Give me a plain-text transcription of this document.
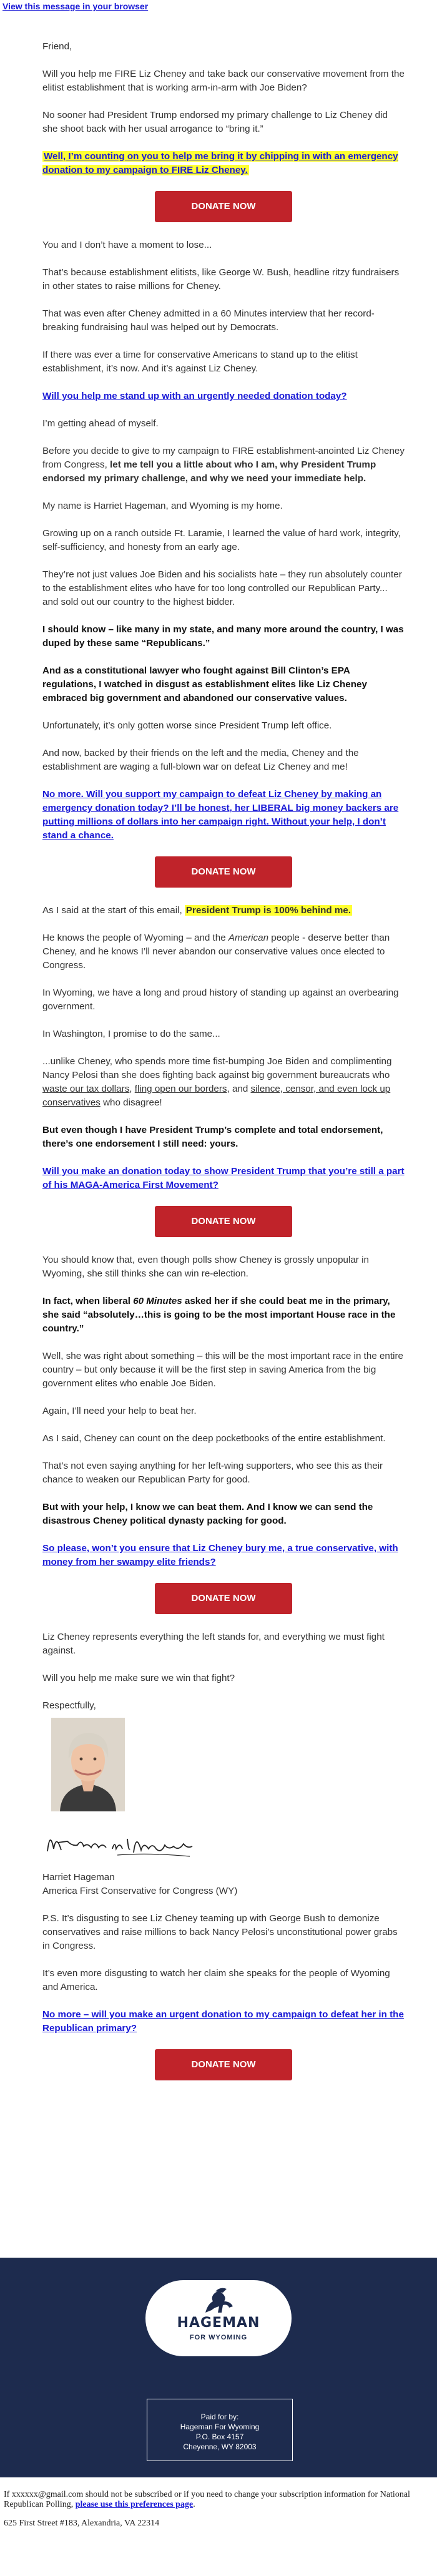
View this message in your browser

Friend,

Will you help me FIRE Liz Cheney and take back our conservative movement from the elitist establishment that is working arm-in-arm with Joe Biden?

No sooner had President Trump endorsed my primary challenge to Liz Cheney did she shoot back with her usual arrogance to “bring it.”

Well, I’m counting on you to help me bring it by chipping in with an emergency donation to my campaign to FIRE Liz Cheney.

DONATE NOW

You and I don’t have a moment to lose...

That’s because establishment elitists, like George W. Bush, headline ritzy fundraisers in other states to raise millions for Cheney.

That was even after Cheney admitted in a 60 Minutes interview that her record-breaking fundraising haul was helped out by Democrats.

If there was ever a time for conservative Americans to stand up to the elitist establishment, it’s now. And it’s against Liz Cheney.

Will you help me stand up with an urgently needed donation today?

I’m getting ahead of myself.

Before you decide to give to my campaign to FIRE establishment-anointed Liz Cheney from Congress, let me tell you a little about who I am, why President Trump endorsed my primary challenge, and why we need your immediate help.

My name is Harriet Hageman, and Wyoming is my home.

Growing up on a ranch outside Ft. Laramie, I learned the value of hard work, integrity, self-sufficiency, and honesty from an early age.

They’re not just values Joe Biden and his socialists hate – they run absolutely counter to the establishment elites who have for too long controlled our Republican Party... and sold out our country to the highest bidder.

I should know – like many in my state, and many more around the country, I was duped by these same “Republicans.”

And as a constitutional lawyer who fought against Bill Clinton’s EPA regulations, I watched in disgust as establishment elites like Liz Cheney embraced big government and abandoned our conservative values.

Unfortunately, it’s only gotten worse since President Trump left office.

And now, backed by their friends on the left and the media, Cheney and the establishment are waging a full-blown war on defeat Liz Cheney and me!

No more. Will you support my campaign to defeat Liz Cheney by making an emergency donation today? I’ll be honest, her LIBERAL big money backers are putting millions of dollars into her campaign right. Without your help, I don’t stand a chance.

DONATE NOW

As I said at the start of this email, President Trump is 100% behind me.

He knows the people of Wyoming – and the American people - deserve better than Cheney, and he knows I’ll never abandon our conservative values once elected to Congress.

In Wyoming, we have a long and proud history of standing up against an overbearing government.

In Washington, I promise to do the same...

...unlike Cheney, who spends more time fist-bumping Joe Biden and complimenting Nancy Pelosi than she does fighting back against big government bureaucrats who waste our tax dollars, fling open our borders, and silence, censor, and even lock up conservatives who disagree!

But even though I have President Trump’s complete and total endorsement, there’s one endorsement I still need: yours.

Will you make an donation today to show President Trump that you’re still a part of his MAGA-America First Movement?

DONATE NOW

You should know that, even though polls show Cheney is grossly unpopular in Wyoming, she still thinks she can win re-election.

In fact, when liberal 60 Minutes asked her if she could beat me in the primary, she said “absolutely…this is going to be the most important House race in the country.”

Well, she was right about something – this will be the most important race in the entire country – but only because it will be the first step in saving America from the big government elites who enable Joe Biden.

Again, I’ll need your help to beat her.

As I said, Cheney can count on the deep pocketbooks of the entire establishment.

That’s not even saying anything for her left-wing supporters, who see this as their chance to weaken our Republican Party for good.

But with your help, I know we can beat them. And I know we can send the disastrous Cheney political dynasty packing for good.

So please, won’t you ensure that Liz Cheney bury me, a true conservative, with money from her swampy elite friends?

DONATE NOW

Liz Cheney represents everything the left stands for, and everything we must fight against.

Will you help me make sure we win that fight?

Respectfully,

Harriet Hageman
America First Conservative for Congress (WY)

P.S. It’s disgusting to see Liz Cheney teaming up with George Bush to demonize conservatives and raise millions to back Nancy Pelosi’s unconstitutional power grabs in Congress.

It’s even more disgusting to watch her claim she speaks for the people of Wyoming and America.

No more – will you make an urgent donation to my campaign to defeat her in the Republican primary?

DONATE NOW
HAGEMAN
FOR WYOMING
Paid for by:
Hageman For Wyoming
P.O. Box 4157
Cheyenne, WY 82003

If xxxxxx@gmail.com should not be subscribed or if you need to change your subscription information for National Republican Polling, please use this preferences page.

625 First Street #183, Alexandria, VA 22314
